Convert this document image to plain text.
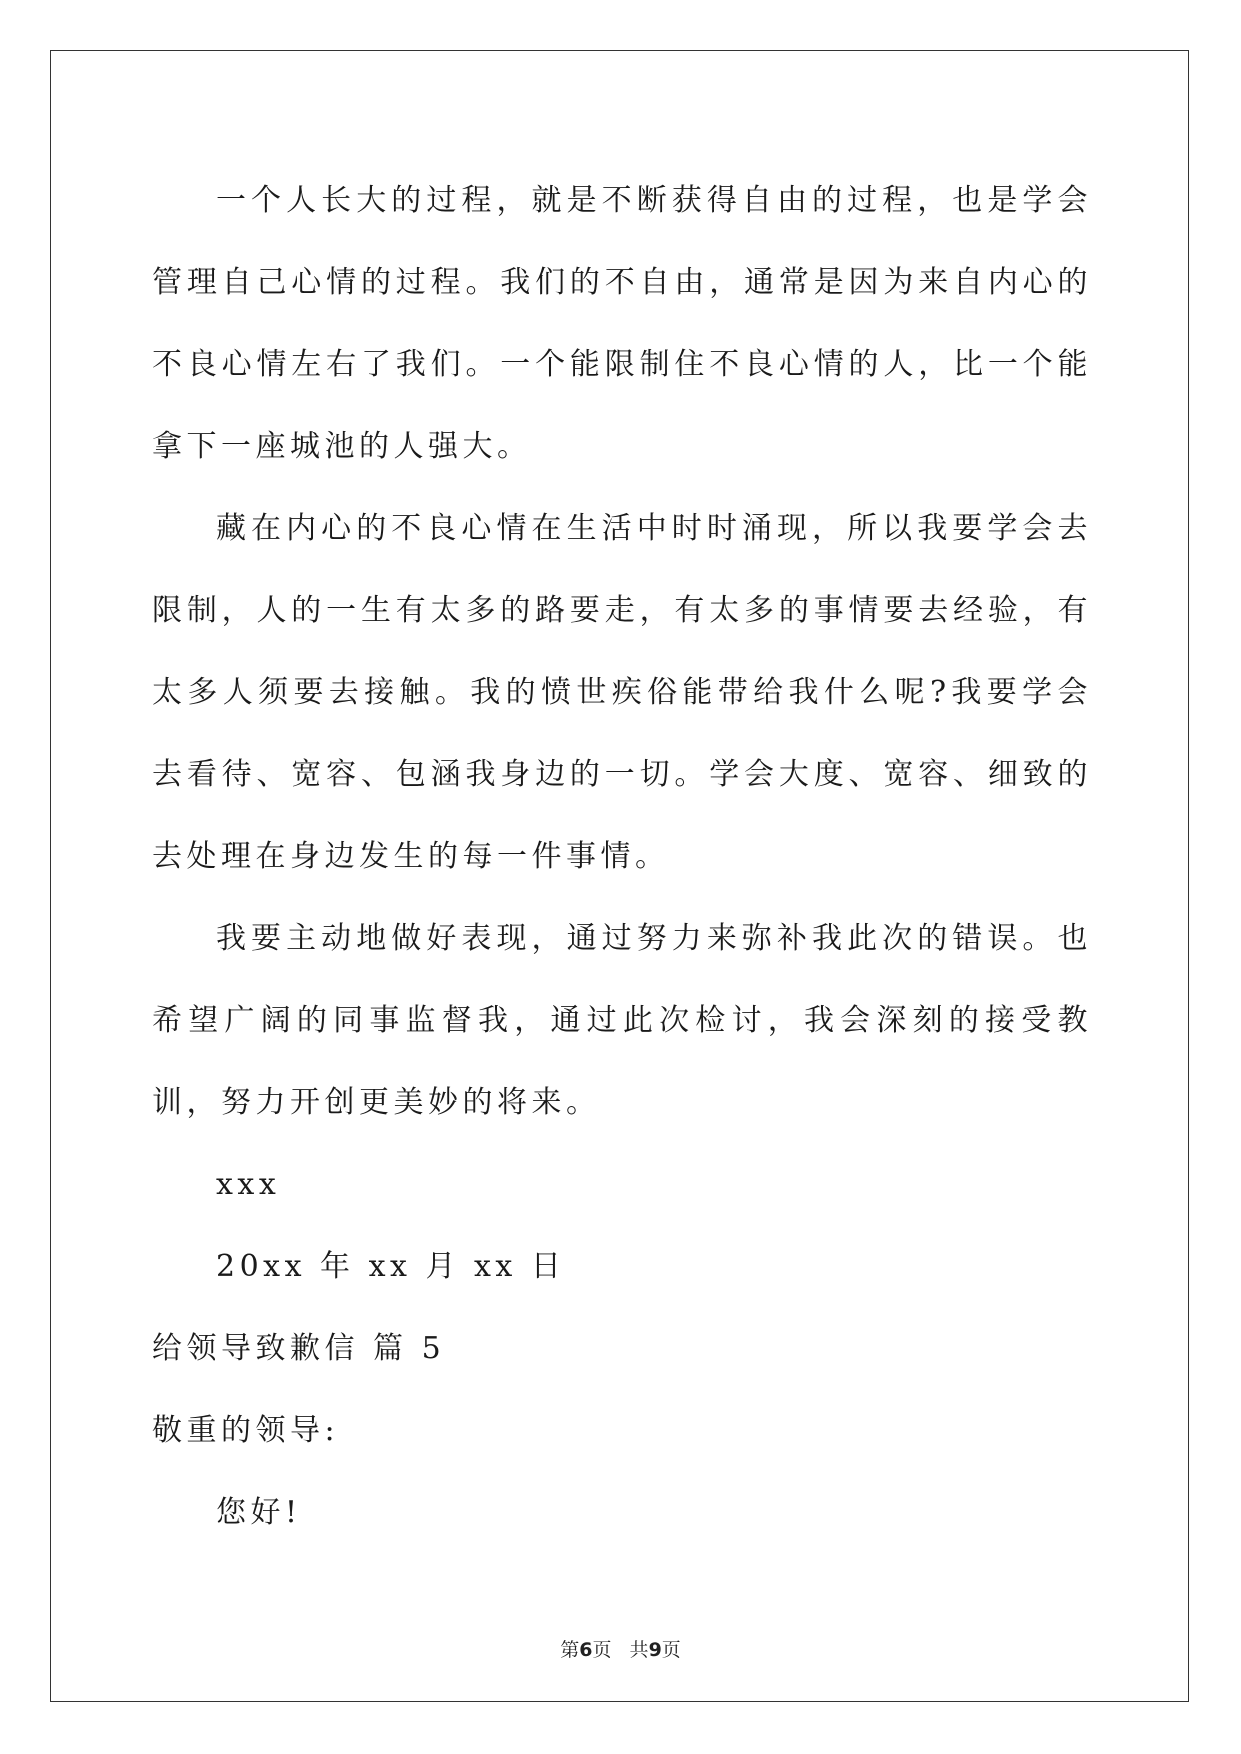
一个人长大的过程，就是不断获得自由的过程，也是学会管理自己心情的过程。我们的不自由，通常是因为来自内心的不良心情左右了我们。一个能限制住不良心情的人，比一个能拿下一座城池的人强大。

藏在内心的不良心情在生活中时时涌现，所以我要学会去限制，人的一生有太多的路要走，有太多的事情要去经验，有太多人须要去接触。我的愤世疾俗能带给我什么呢?我要学会去看待、宽容、包涵我身边的一切。学会大度、宽容、细致的去处理在身边发生的每一件事情。

我要主动地做好表现，通过努力来弥补我此次的错误。也希望广阔的同事监督我，通过此次检讨，我会深刻的接受教训，努力开创更美妙的将来。

xxx

20xx 年 xx 月 xx 日

给领导致歉信 篇 5

敬重的领导:

您好!

第6页   共9页
